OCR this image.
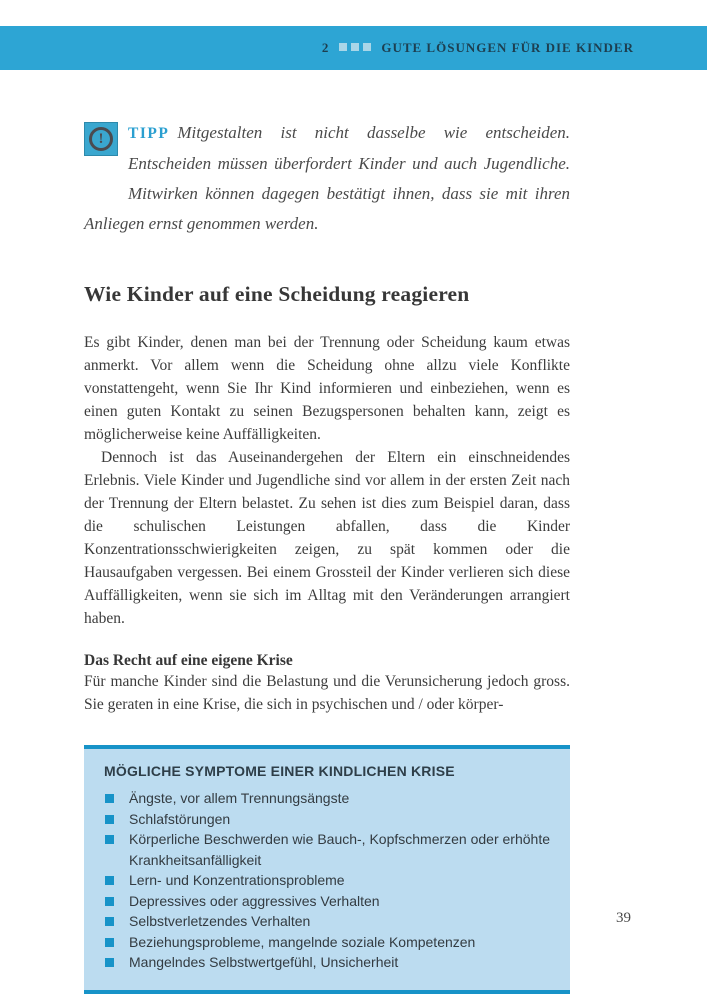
2	GUTE LÖSUNGEN FÜR DIE KINDER
!	TIPP Mitgestalten ist nicht dasselbe wie entscheiden. Entscheiden müssen überfordert Kinder und auch Jugendliche. Mitwirken können dagegen bestätigt ihnen, dass sie mit ihren Anliegen ernst genommen werden.

Wie Kinder auf eine Scheidung reagieren

Es gibt Kinder, denen man bei der Trennung oder Scheidung kaum etwas anmerkt. Vor allem wenn die Scheidung ohne allzu viele Konflikte vonstattengeht, wenn Sie Ihr Kind informieren und einbeziehen, wenn es einen guten Kontakt zu seinen Bezugspersonen behalten kann, zeigt es möglicherweise keine Auffälligkeiten.

Dennoch ist das Auseinandergehen der Eltern ein einschneidendes Erlebnis. Viele Kinder und Jugendliche sind vor allem in der ersten Zeit nach der Trennung der Eltern belastet. Zu sehen ist dies zum Beispiel daran, dass die schulischen Leistungen abfallen, dass die Kinder Konzentrationsschwierigkeiten zeigen, zu spät kommen oder die Hausaufgaben vergessen. Bei einem Grossteil der Kinder verlieren sich diese Auffälligkeiten, wenn sie sich im Alltag mit den Veränderungen arrangiert haben.

Das Recht auf eine eigene Krise

Für manche Kinder sind die Belastung und die Verunsicherung jedoch gross. Sie geraten in eine Krise, die sich in psychischen und / oder körper-

MÖGLICHE SYMPTOME EINER KINDLICHEN KRISE

Ängste, vor allem Trennungsängste
Schlafstörungen
Körperliche Beschwerden wie Bauch-, Kopfschmerzen oder erhöhte Krankheitsanfälligkeit
Lern- und Konzentrationsprobleme
Depressives oder aggressives Verhalten
Selbstverletzendes Verhalten
Beziehungsprobleme, mangelnde soziale Kompetenzen
Mangelndes Selbstwertgefühl, Unsicherheit
39
